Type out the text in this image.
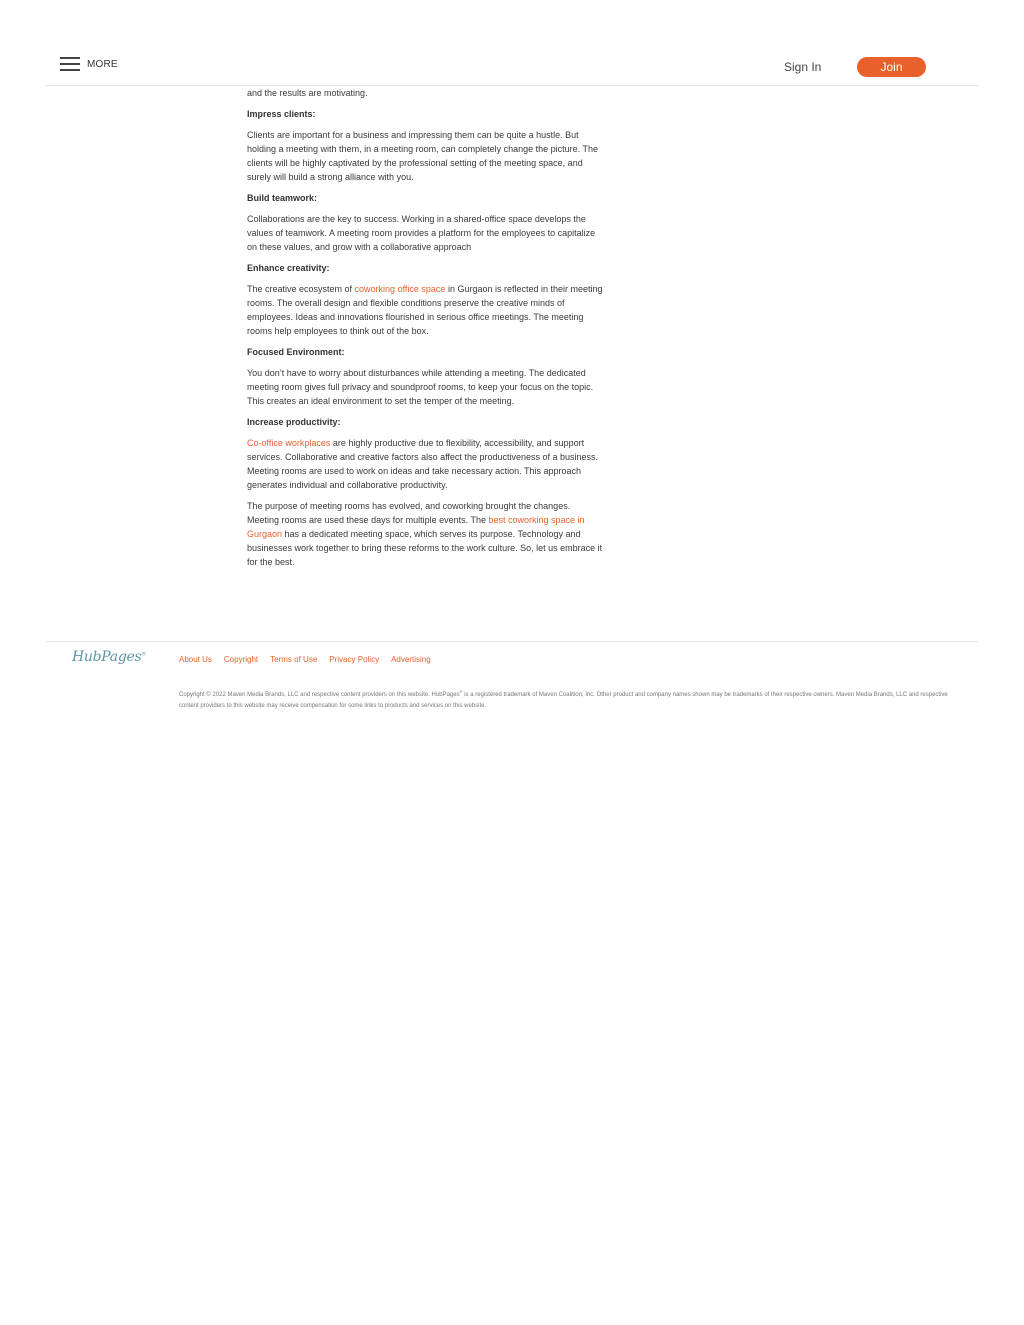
MORE	Sign In	Join

and the results are motivating.

Impress clients:

Clients are important for a business and impressing them can be quite a hustle. But holding a meeting with them, in a meeting room, can completely change the picture. The clients will be highly captivated by the professional setting of the meeting space, and surely will build a strong alliance with you.

Build teamwork:

Collaborations are the key to success. Working in a shared-office space develops the values of teamwork. A meeting room provides a platform for the employees to capitalize on these values, and grow with a collaborative approach

Enhance creativity:

The creative ecosystem of coworking office space in Gurgaon is reflected in their meeting rooms. The overall design and flexible conditions preserve the creative minds of employees. Ideas and innovations flourished in serious office meetings. The meeting rooms help employees to think out of the box.

Focused Environment:

You don’t have to worry about disturbances while attending a meeting. The dedicated meeting room gives full privacy and soundproof rooms, to keep your focus on the topic. This creates an ideal environment to set the temper of the meeting.

Increase productivity:

Co-office workplaces are highly productive due to flexibility, accessibility, and support services. Collaborative and creative factors also affect the productiveness of a business. Meeting rooms are used to work on ideas and take necessary action. This approach generates individual and collaborative productivity.

The purpose of meeting rooms has evolved, and coworking brought the changes. Meeting rooms are used these days for multiple events. The best coworking space in Gurgaon has a dedicated meeting space, which serves its purpose. Technology and businesses work together to bring these reforms to the work culture. So, let us embrace it for the best.

HubPages®
About Us Copyright Terms of Use Privacy Policy Advertising
Copyright © 2022 Maven Media Brands, LLC and respective content providers on this website. HubPages® is a registered trademark of Maven Coalition, Inc. Other product and company names shown may be trademarks of their respective owners. Maven Media Brands, LLC and respective content providers to this website may receive compensation for some links to products and services on this website.
